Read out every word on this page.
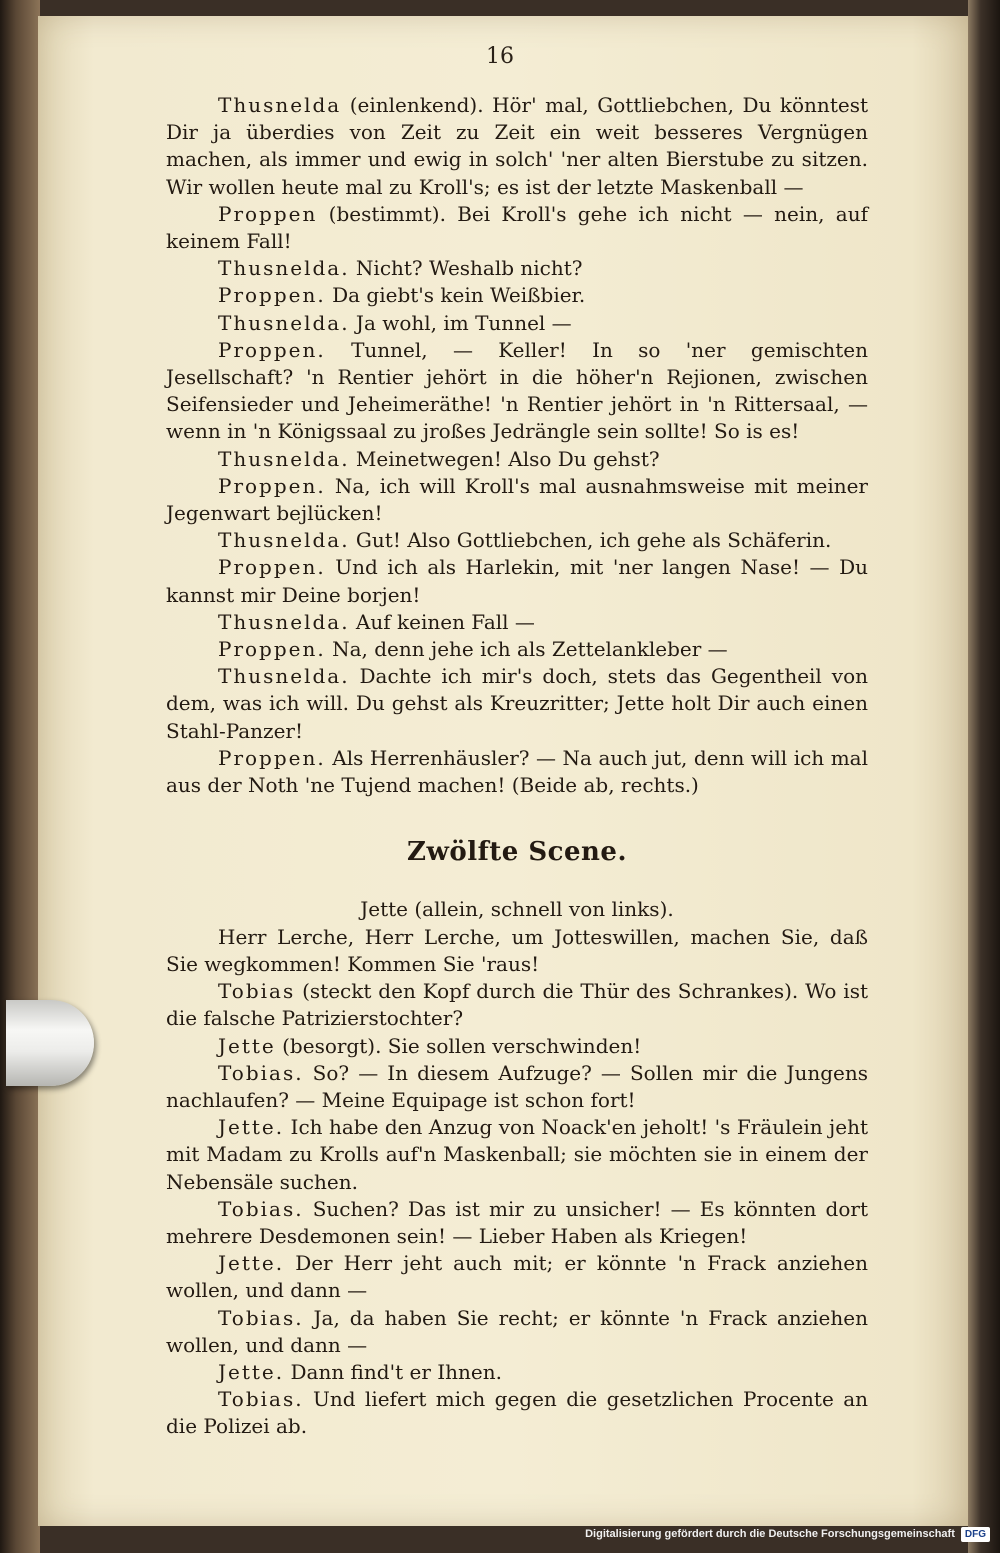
16

Thusnelda (einlenkend). Hör' mal, Gottliebchen, Du könntest Dir ja überdies von Zeit zu Zeit ein weit besseres Vergnügen machen, als immer und ewig in solch' 'ner alten Bierstube zu sitzen. Wir wollen heute mal zu Kroll's; es ist der letzte Maskenball —

Proppen (bestimmt). Bei Kroll's gehe ich nicht — nein, auf keinem Fall!

Thusnelda. Nicht? Weshalb nicht?

Proppen. Da giebt's kein Weißbier.

Thusnelda. Ja wohl, im Tunnel —

Proppen. Tunnel, — Keller! In so 'ner gemischten Jesellschaft? 'n Rentier jehört in die höher'n Rejionen, zwischen Seifensieder und Jeheimeräthe! 'n Rentier jehört in 'n Rittersaal, — wenn in 'n Königssaal zu jroßes Jedrängle sein sollte! So is es!

Thusnelda. Meinetwegen! Also Du gehst?

Proppen. Na, ich will Kroll's mal ausnahmsweise mit meiner Jegenwart bejlücken!

Thusnelda. Gut! Also Gottliebchen, ich gehe als Schäferin.

Proppen. Und ich als Harlekin, mit 'ner langen Nase! — Du kannst mir Deine borjen!

Thusnelda. Auf keinen Fall —

Proppen. Na, denn jehe ich als Zettelankleber —

Thusnelda. Dachte ich mir's doch, stets das Gegentheil von dem, was ich will. Du gehst als Kreuzritter; Jette holt Dir auch einen Stahl-Panzer!

Proppen. Als Herrenhäusler? — Na auch jut, denn will ich mal aus der Noth 'ne Tujend machen! (Beide ab, rechts.)

Zwölfte Scene.

Jette (allein, schnell von links).

Herr Lerche, Herr Lerche, um Jotteswillen, machen Sie, daß Sie wegkommen! Kommen Sie 'raus!

Tobias (steckt den Kopf durch die Thür des Schrankes). Wo ist die falsche Patrizierstochter?

Jette (besorgt). Sie sollen verschwinden!

Tobias. So? — In diesem Aufzuge? — Sollen mir die Jungens nachlaufen? — Meine Equipage ist schon fort!

Jette. Ich habe den Anzug von Noack'en jeholt! 's Fräulein jeht mit Madam zu Krolls auf'n Maskenball; sie möchten sie in einem der Nebensäle suchen.

Tobias. Suchen? Das ist mir zu unsicher! — Es könnten dort mehrere Desdemonen sein! — Lieber Haben als Kriegen!

Jette. Der Herr jeht auch mit; er könnte 'n Frack anziehen wollen, und dann —

Tobias. Ja, da haben Sie recht; er könnte 'n Frack anziehen wollen, und dann —

Jette. Dann find't er Ihnen.

Tobias. Und liefert mich gegen die gesetzlichen Procente an die Polizei ab.

Digitalisierung gefördert durch die Deutsche Forschungsgemeinschaft	DFG
